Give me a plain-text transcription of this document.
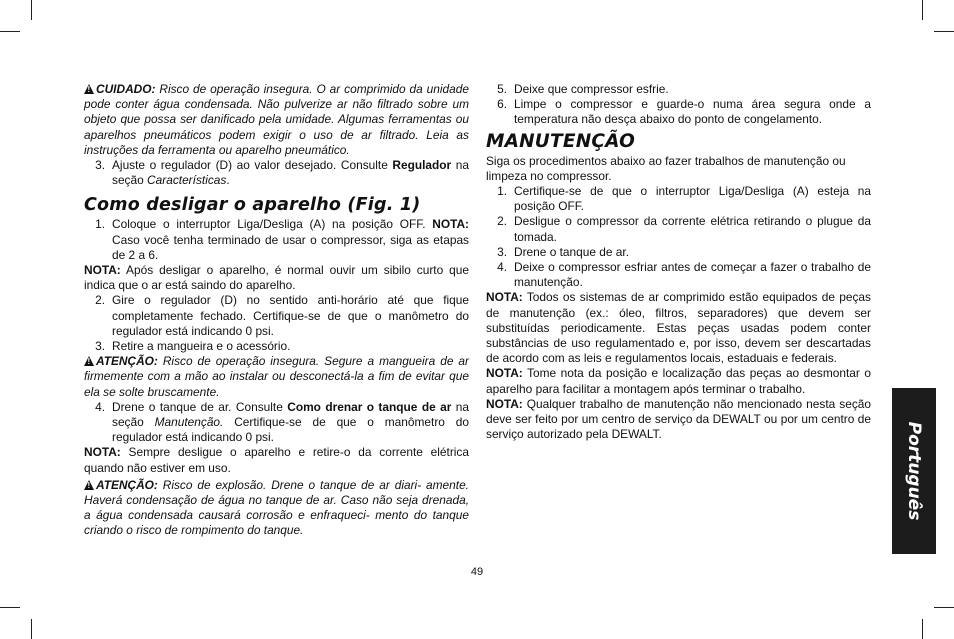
!CUIDADO: Risco de operação insegura. O ar comprimido da unidade pode conter água condensada. Não pulverize ar não filtrado sobre um objeto que possa ser danificado pela umidade. Algumas ferramentas ou aparelhos pneumáticos podem exigir o uso de ar filtrado. Leia as instruções da ferramenta ou aparelho pneumático.

3. Ajuste o regulador (D) ao valor desejado. Consulte Regulador na seção Características.
Como desligar o aparelho (Fig. 1)
1. Coloque o interruptor Liga/Desliga (A) na posição OFF. NOTA: Caso você tenha terminado de usar o compressor, siga as etapas de 2 a 6.

NOTA: Após desligar o aparelho, é normal ouvir um sibilo curto que indica que o ar está saindo do aparelho.

2. Gire o regulador (D) no sentido anti-horário até que fique completamente fechado. Certifique-se de que o manômetro do regulador está indicando 0 psi.
3. Retire a mangueira e o acessório.

!ATENÇÃO: Risco de operação insegura. Segure a mangueira de ar firmemente com a mão ao instalar ou desconectá-la a fim de evitar que ela se solte bruscamente.

4. Drene o tanque de ar. Consulte Como drenar o tanque de ar na seção Manutenção. Certifique-se de que o manômetro do regulador está indicando 0 psi.

NOTA: Sempre desligue o aparelho e retire-o da corrente elétrica quando não estiver em uso.

!ATENÇÃO: Risco de explosão. Drene o tanque de ar diari- amente. Haverá condensação de água no tanque de ar. Caso não seja drenada, a água condensada causará corrosão e enfraqueci- mento do tanque criando o risco de rompimento do tanque.

5. Deixe que compressor esfrie.
6. Limpe o compressor e guarde-o numa área segura onde a temperatura não desça abaixo do ponto de congelamento.
MANUTENÇÃO

Siga os procedimentos abaixo ao fazer trabalhos de manutenção ou limpeza no compressor.

1. Certifique-se de que o interruptor Liga/Desliga (A) esteja na posição OFF.
2. Desligue o compressor da corrente elétrica retirando o plugue da tomada.
3. Drene o tanque de ar.
4. Deixe o compressor esfriar antes de começar a fazer o trabalho de manutenção.

NOTA: Todos os sistemas de ar comprimido estão equipados de peças de manutenção (ex.: óleo, filtros, separadores) que devem ser substituídas periodicamente. Estas peças usadas podem conter substâncias de uso regulamentado e, por isso, devem ser descartadas de acordo com as leis e regulamentos locais, estaduais e federais.

NOTA: Tome nota da posição e localização das peças ao desmontar o aparelho para facilitar a montagem após terminar o trabalho.

NOTA: Qualquer trabalho de manutenção não mencionado nesta seção deve ser feito por um centro de serviço da DEWALT ou por um centro de serviço autorizado pela DEWALT.	Português
49
